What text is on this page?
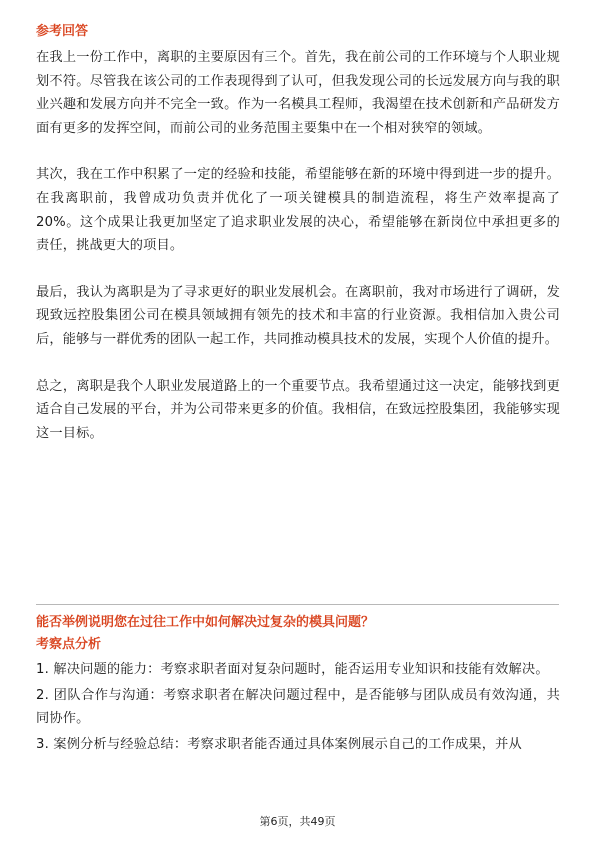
参考回答

在我上一份工作中，离职的主要原因有三个。首先，我在前公司的工作环境与个人职业规划不符。尽管我在该公司的工作表现得到了认可，但我发现公司的长远发展方向与我的职业兴趣和发展方向并不完全一致。作为一名模具工程师，我渴望在技术创新和产品研发方面有更多的发挥空间，而前公司的业务范围主要集中在一个相对狭窄的领域。

其次，我在工作中积累了一定的经验和技能，希望能够在新的环境中得到进一步的提升。在我离职前，我曾成功负责并优化了一项关键模具的制造流程，将生产效率提高了20%。这个成果让我更加坚定了追求职业发展的决心，希望能够在新岗位中承担更多的责任，挑战更大的项目。

最后，我认为离职是为了寻求更好的职业发展机会。在离职前，我对市场进行了调研，发现致远控股集团公司在模具领域拥有领先的技术和丰富的行业资源。我相信加入贵公司后，能够与一群优秀的团队一起工作，共同推动模具技术的发展，实现个人价值的提升。

总之，离职是我个人职业发展道路上的一个重要节点。我希望通过这一决定，能够找到更适合自己发展的平台，并为公司带来更多的价值。我相信，在致远控股集团，我能够实现这一目标。

能否举例说明您在过往工作中如何解决过复杂的模具问题？
考察点分析

1. 解决问题的能力：考察求职者面对复杂问题时，能否运用专业知识和技能有效解决。

2. 团队合作与沟通：考察求职者在解决问题过程中，是否能够与团队成员有效沟通，共同协作。

3. 案例分析与经验总结：考察求职者能否通过具体案例展示自己的工作成果，并从

第6页，共49页
